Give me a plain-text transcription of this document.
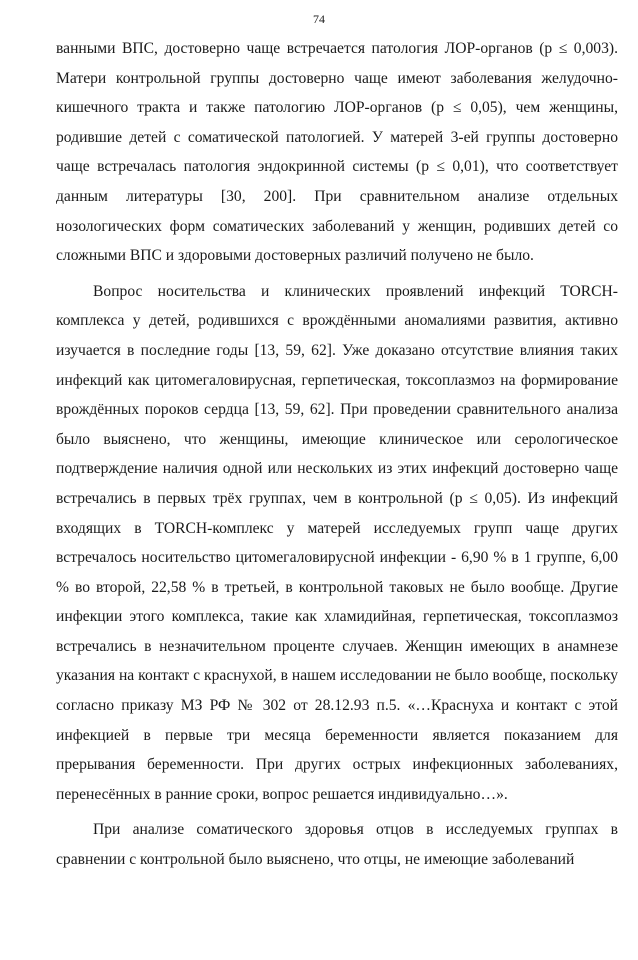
74

ванными ВПС, достоверно чаще встречается патология ЛОР-органов (p ≤ 0,003). Матери контрольной группы достоверно чаще имеют заболевания желудочно-кишечного тракта и также патологию ЛОР-органов (p ≤ 0,05), чем женщины, родившие детей с соматической патологией. У матерей 3-ей группы достоверно чаще встречалась патология эндокринной системы (p ≤ 0,01), что соответствует данным литературы [30, 200]. При сравнительном анализе отдельных нозологических форм соматических заболеваний у женщин, родивших детей со сложными ВПС и здоровыми достоверных различий получено не было.

Вопрос носительства и клинических проявлений инфекций TORCH-комплекса у детей, родившихся с врождёнными аномалиями развития, активно изучается в последние годы [13, 59, 62]. Уже доказано отсутствие влияния таких инфекций как цитомегаловирусная, герпетическая, токсоплазмоз на формирование врождённых пороков сердца [13, 59, 62]. При проведении сравнительного анализа было выяснено, что женщины, имеющие клиническое или серологическое подтверждение наличия одной или нескольких из этих инфекций достоверно чаще встречались в первых трёх группах, чем в контрольной (p ≤ 0,05). Из инфекций входящих в TORCH-комплекс у матерей исследуемых групп чаще других встречалось носительство цитомегаловирусной инфекции - 6,90 % в 1 группе, 6,00 % во второй, 22,58 % в третьей, в контрольной таковых не было вообще. Другие инфекции этого комплекса, такие как хламидийная, герпетическая, токсоплазмоз встречались в незначительном проценте случаев. Женщин имеющих в анамнезе указания на контакт с краснухой, в нашем исследовании не было вообще, поскольку согласно приказу МЗ РФ № 302 от 28.12.93 п.5. «…Краснуха и контакт с этой инфекцией в первые три месяца беременности является показанием для прерывания беременности. При других острых инфекционных заболеваниях, перенесённых в ранние сроки, вопрос решается индивидуально…».

При анализе соматического здоровья отцов в исследуемых группах в сравнении с контрольной было выяснено, что отцы, не имеющие заболеваний
